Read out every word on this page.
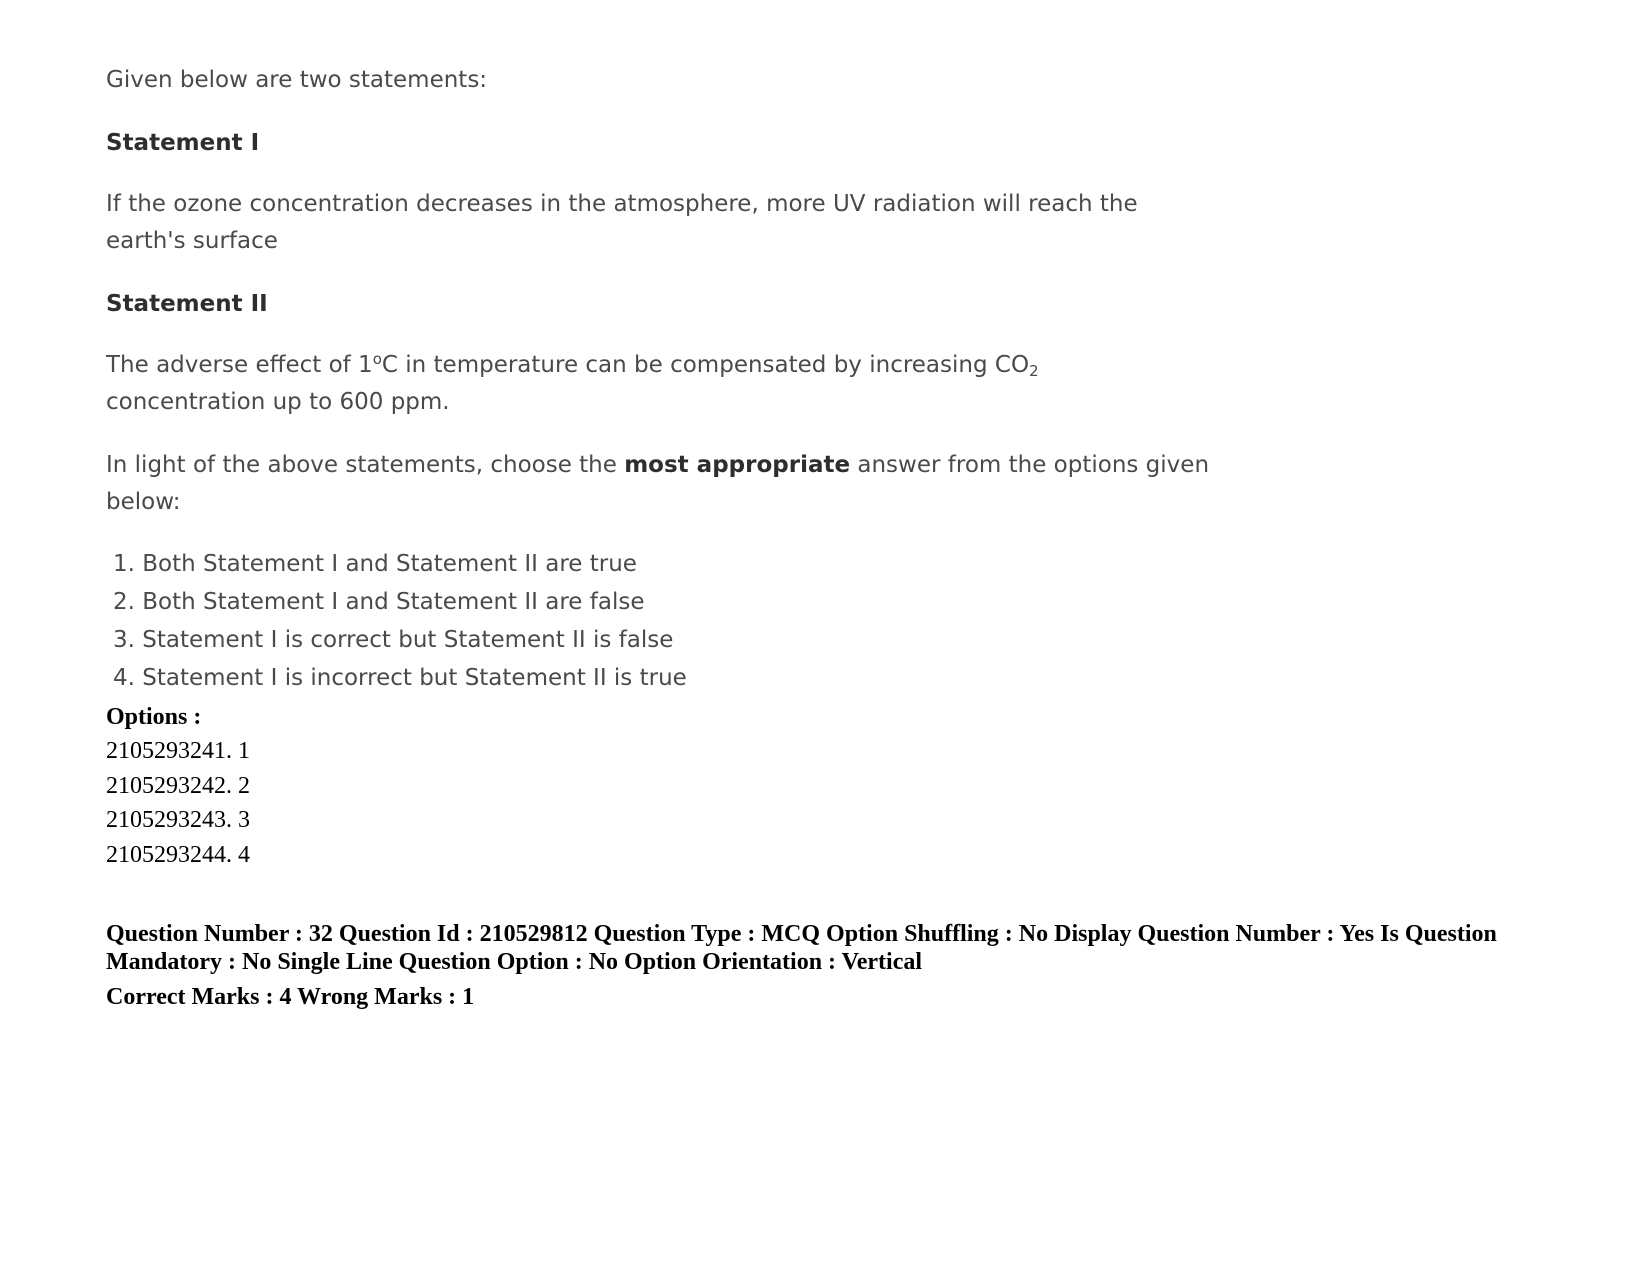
Given below are two statements:

Statement I

If the ozone concentration decreases in the atmosphere, more UV radiation will reach the
earth's surface

Statement II

The adverse effect of 1$^o$C in temperature can be compensated by increasing $CO_2$
concentration up to 600 ppm.

In light of the above statements, choose the most appropriate answer from the options given
below:

1. Both Statement I and Statement II are true
2. Both Statement I and Statement II are false
3. Statement I is correct but Statement II is false
4. Statement I is incorrect but Statement II is true
Options :
2105293241. 1
2105293242. 2
2105293243. 3
2105293244. 4
Question Number : 32 Question Id : 210529812 Question Type : MCQ Option Shuffling : No Display Question Number : Yes Is Question
Mandatory : No Single Line Question Option : No Option Orientation : Vertical
Correct Marks : 4 Wrong Marks : 1
